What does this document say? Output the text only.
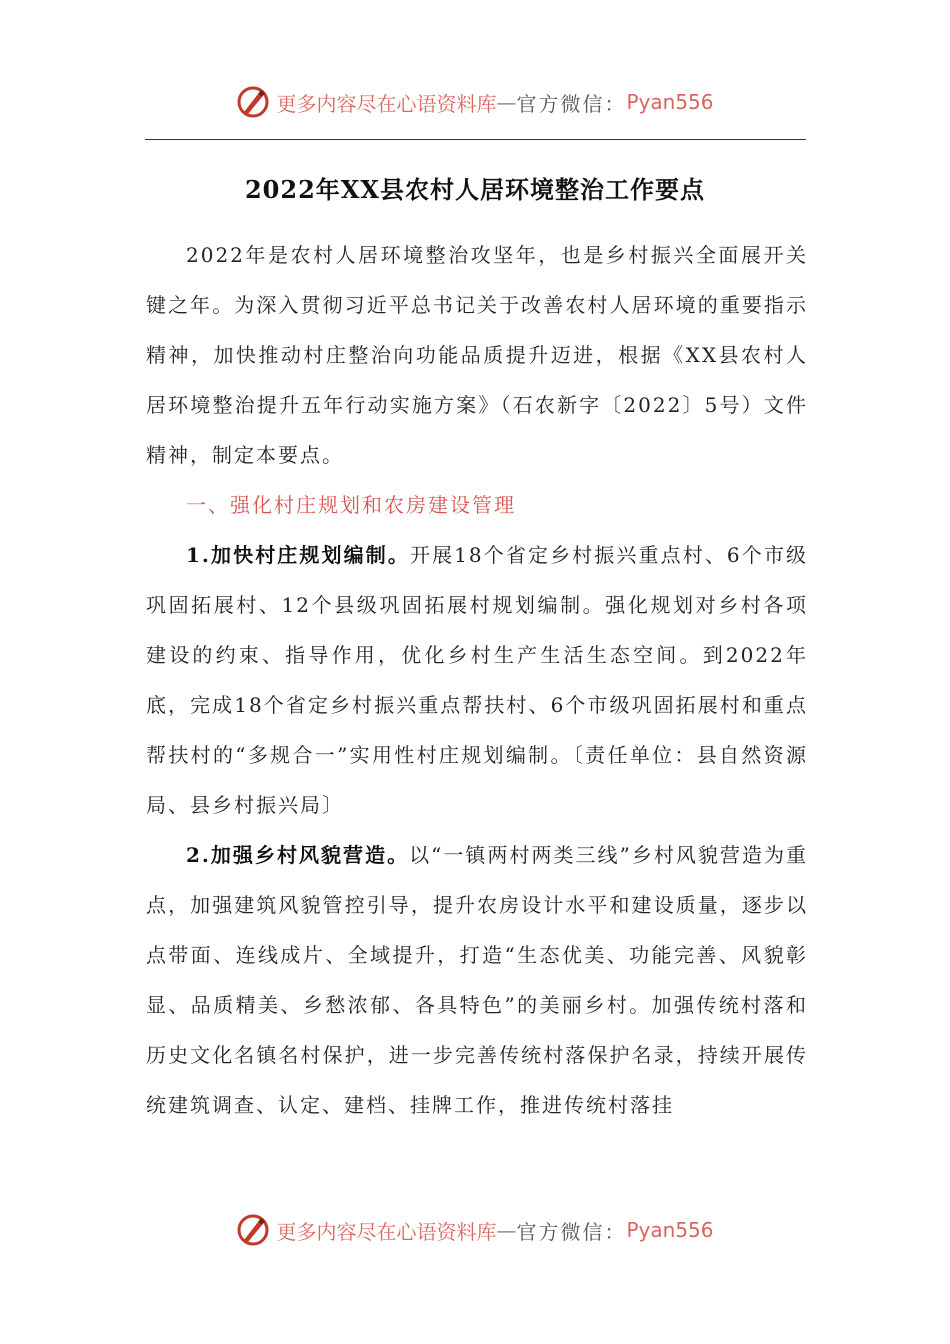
更多内容尽在心语资料库 — 官方微信： Pyan556
2022年XX县农村人居环境整治工作要点

2022年是农村人居环境整治攻坚年，也是乡村振兴全面展开关键之年。为深入贯彻习近平总书记关于改善农村人居环境的重要指示精神，加快推动村庄整治向功能品质提升迈进，根据《XX县农村人居环境整治提升五年行动实施方案》（石农新字〔2022〕5号）文件精神，制定本要点。

一、强化村庄规划和农房建设管理

1.加快村庄规划编制。开展18个省定乡村振兴重点村、6个市级巩固拓展村、12个县级巩固拓展村规划编制。强化规划对乡村各项建设的约束、指导作用，优化乡村生产生活生态空间。到2022年底，完成18个省定乡村振兴重点帮扶村、6个市级巩固拓展村和重点帮扶村的“多规合一”实用性村庄规划编制。〔责任单位：县自然资源局、县乡村振兴局〕

2.加强乡村风貌营造。以“一镇两村两类三线”乡村风貌营造为重点，加强建筑风貌管控引导，提升农房设计水平和建设质量，逐步以点带面、连线成片、全域提升，打造“生态优美、功能完善、风貌彰显、品质精美、乡愁浓郁、各具特色”的美丽乡村。加强传统村落和历史文化名镇名村保护，进一步完善传统村落保护名录，持续开展传统建筑调查、认定、建档、挂牌工作，推进传统村落挂

更多内容尽在心语资料库 — 官方微信： Pyan556
